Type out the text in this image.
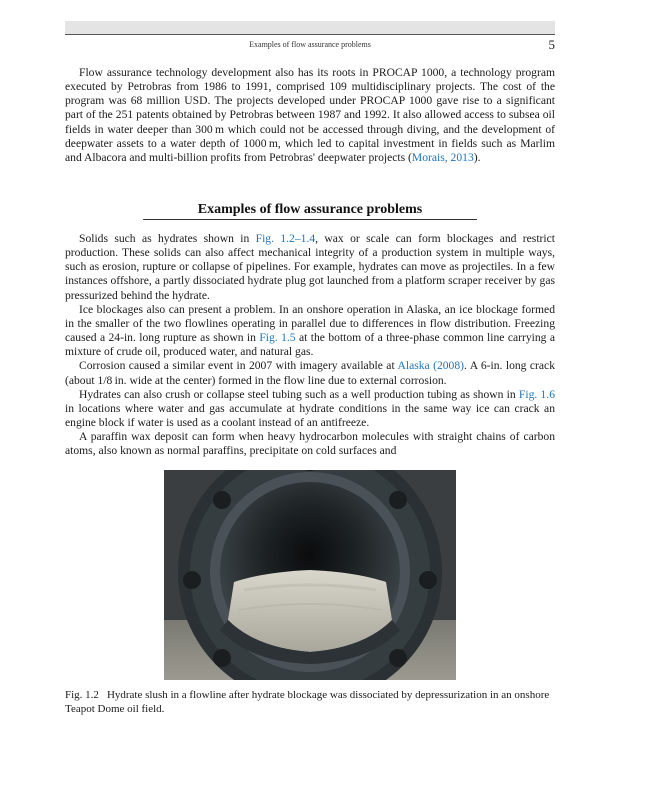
Examples of flow assurance problems	5

Flow assurance technology development also has its roots in PROCAP 1000, a technology program executed by Petrobras from 1986 to 1991, comprised 109 multidisciplinary projects. The cost of the program was 68 million USD. The projects developed under PROCAP 1000 gave rise to a significant part of the 251 patents obtained by Petrobras between 1987 and 1992. It also allowed access to subsea oil fields in water deeper than 300 m which could not be accessed through diving, and the development of deepwater assets to a water depth of 1000 m, which led to capital investment in fields such as Marlim and Albacora and multi-billion profits from Petrobras' deepwater projects (Morais, 2013).

Examples of flow assurance problems

Solids such as hydrates shown in Fig. 1.2–1.4, wax or scale can form blockages and restrict production. These solids can also affect mechanical integrity of a production system in multiple ways, such as erosion, rupture or collapse of pipelines. For example, hydrates can move as projectiles. In a few instances offshore, a partly dissociated hydrate plug got launched from a platform scraper receiver by gas pressurized behind the hydrate.

Ice blockages also can present a problem. In an onshore operation in Alaska, an ice blockage formed in the smaller of the two flowlines operating in parallel due to differences in flow distribution. Freezing caused a 24-in. long rupture as shown in Fig. 1.5 at the bottom of a three-phase common line carrying a mixture of crude oil, produced water, and natural gas.

Corrosion caused a similar event in 2007 with imagery available at Alaska (2008). A 6-in. long crack (about 1/8 in. wide at the center) formed in the flow line due to external corrosion.

Hydrates can also crush or collapse steel tubing such as a well production tubing as shown in Fig. 1.6 in locations where water and gas accumulate at hydrate conditions in the same way ice can crack an engine block if water is used as a coolant instead of an antifreeze.

A paraffin wax deposit can form when heavy hydrocarbon molecules with straight chains of carbon atoms, also known as normal paraffins, precipitate on cold surfaces and

Fig. 1.2 Hydrate slush in a flowline after hydrate blockage was dissociated by depressurization in an onshore Teapot Dome oil field.
